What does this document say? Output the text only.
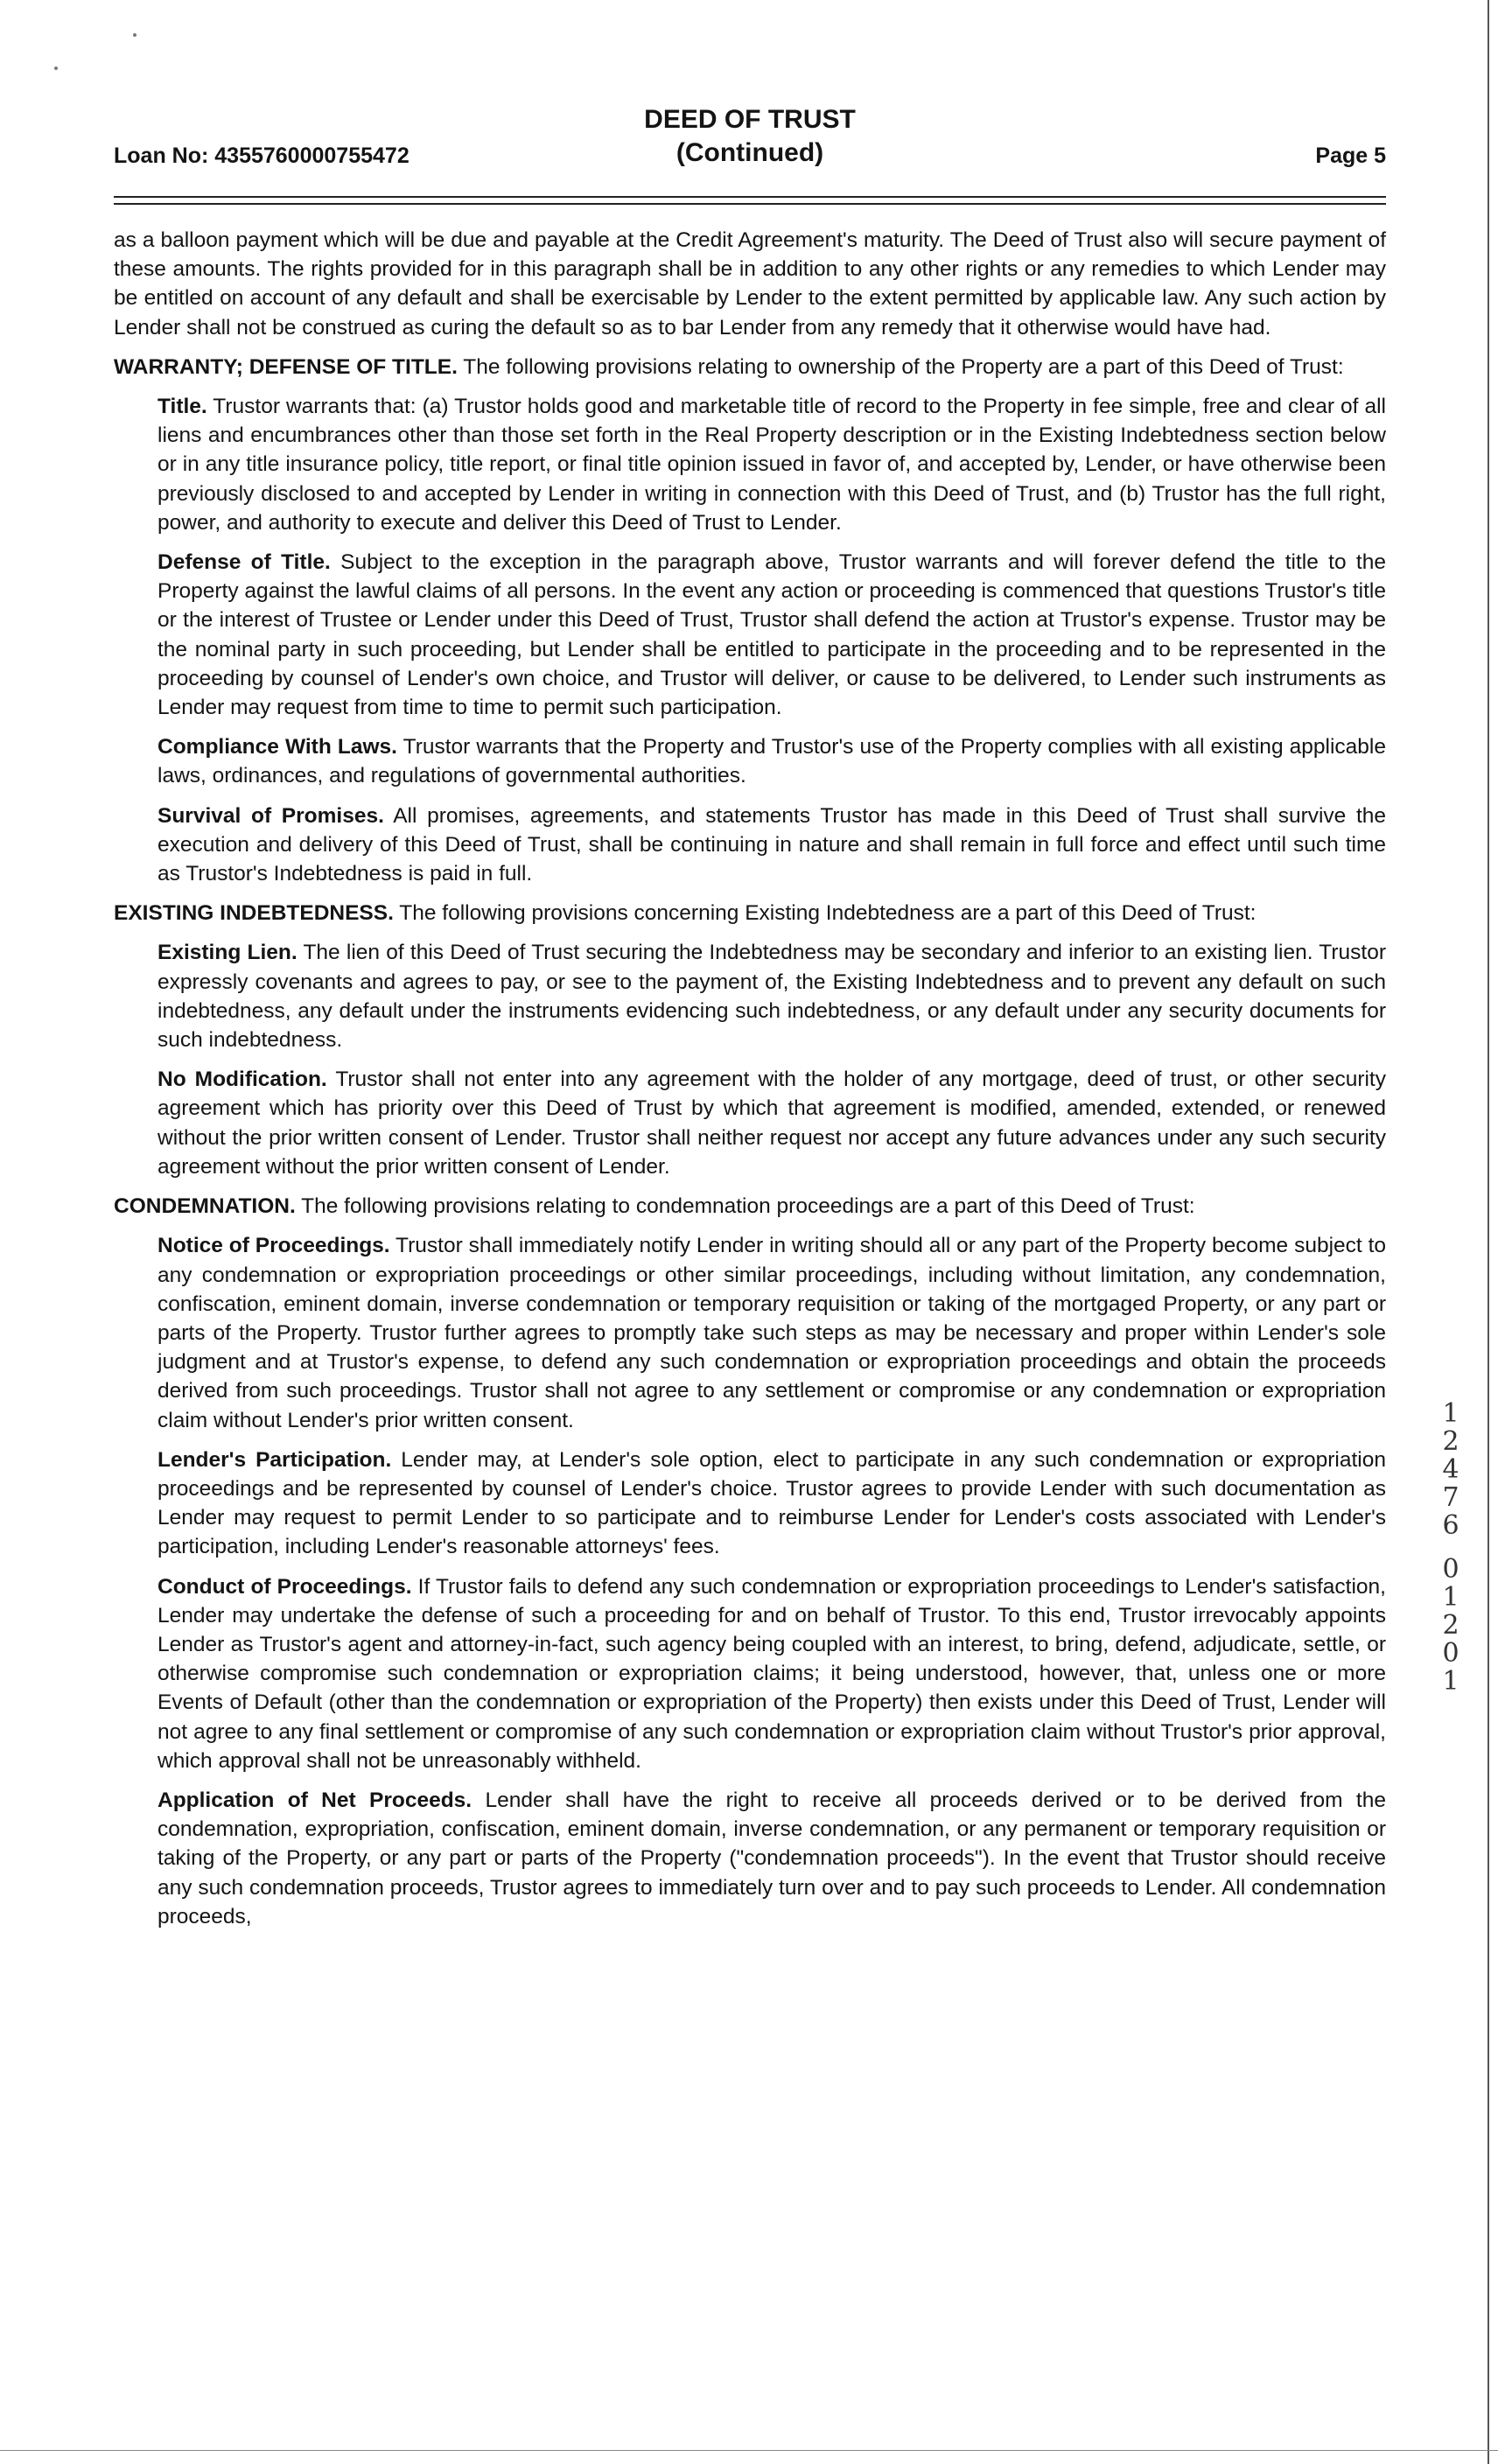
Loan No: 4355760000755472
DEED OF TRUST
(Continued)	Page 5

as a balloon payment which will be due and payable at the Credit Agreement's maturity. The Deed of Trust also will secure payment of these amounts. The rights provided for in this paragraph shall be in addition to any other rights or any remedies to which Lender may be entitled on account of any default and shall be exercisable by Lender to the extent permitted by applicable law. Any such action by Lender shall not be construed as curing the default so as to bar Lender from any remedy that it otherwise would have had.

WARRANTY; DEFENSE OF TITLE. The following provisions relating to ownership of the Property are a part of this Deed of Trust:

Title. Trustor warrants that: (a) Trustor holds good and marketable title of record to the Property in fee simple, free and clear of all liens and encumbrances other than those set forth in the Real Property description or in the Existing Indebtedness section below or in any title insurance policy, title report, or final title opinion issued in favor of, and accepted by, Lender, or have otherwise been previously disclosed to and accepted by Lender in writing in connection with this Deed of Trust, and (b) Trustor has the full right, power, and authority to execute and deliver this Deed of Trust to Lender.

Defense of Title. Subject to the exception in the paragraph above, Trustor warrants and will forever defend the title to the Property against the lawful claims of all persons. In the event any action or proceeding is commenced that questions Trustor's title or the interest of Trustee or Lender under this Deed of Trust, Trustor shall defend the action at Trustor's expense. Trustor may be the nominal party in such proceeding, but Lender shall be entitled to participate in the proceeding and to be represented in the proceeding by counsel of Lender's own choice, and Trustor will deliver, or cause to be delivered, to Lender such instruments as Lender may request from time to time to permit such participation.

Compliance With Laws. Trustor warrants that the Property and Trustor's use of the Property complies with all existing applicable laws, ordinances, and regulations of governmental authorities.

Survival of Promises. All promises, agreements, and statements Trustor has made in this Deed of Trust shall survive the execution and delivery of this Deed of Trust, shall be continuing in nature and shall remain in full force and effect until such time as Trustor's Indebtedness is paid in full.

EXISTING INDEBTEDNESS. The following provisions concerning Existing Indebtedness are a part of this Deed of Trust:

Existing Lien. The lien of this Deed of Trust securing the Indebtedness may be secondary and inferior to an existing lien. Trustor expressly covenants and agrees to pay, or see to the payment of, the Existing Indebtedness and to prevent any default on such indebtedness, any default under the instruments evidencing such indebtedness, or any default under any security documents for such indebtedness.

No Modification. Trustor shall not enter into any agreement with the holder of any mortgage, deed of trust, or other security agreement which has priority over this Deed of Trust by which that agreement is modified, amended, extended, or renewed without the prior written consent of Lender. Trustor shall neither request nor accept any future advances under any such security agreement without the prior written consent of Lender.

CONDEMNATION. The following provisions relating to condemnation proceedings are a part of this Deed of Trust:

Notice of Proceedings. Trustor shall immediately notify Lender in writing should all or any part of the Property become subject to any condemnation or expropriation proceedings or other similar proceedings, including without limitation, any condemnation, confiscation, eminent domain, inverse condemnation or temporary requisition or taking of the mortgaged Property, or any part or parts of the Property. Trustor further agrees to promptly take such steps as may be necessary and proper within Lender's sole judgment and at Trustor's expense, to defend any such condemnation or expropriation proceedings and obtain the proceeds derived from such proceedings. Trustor shall not agree to any settlement or compromise or any condemnation or expropriation claim without Lender's prior written consent.

Lender's Participation. Lender may, at Lender's sole option, elect to participate in any such condemnation or expropriation proceedings and be represented by counsel of Lender's choice. Trustor agrees to provide Lender with such documentation as Lender may request to permit Lender to so participate and to reimburse Lender for Lender's costs associated with Lender's participation, including Lender's reasonable attorneys' fees.

Conduct of Proceedings. If Trustor fails to defend any such condemnation or expropriation proceedings to Lender's satisfaction, Lender may undertake the defense of such a proceeding for and on behalf of Trustor. To this end, Trustor irrevocably appoints Lender as Trustor's agent and attorney-in-fact, such agency being coupled with an interest, to bring, defend, adjudicate, settle, or otherwise compromise such condemnation or expropriation claims; it being understood, however, that, unless one or more Events of Default (other than the condemnation or expropriation of the Property) then exists under this Deed of Trust, Lender will not agree to any final settlement or compromise of any such condemnation or expropriation claim without Trustor's prior approval, which approval shall not be unreasonably withheld.

Application of Net Proceeds. Lender shall have the right to receive all proceeds derived or to be derived from the condemnation, expropriation, confiscation, eminent domain, inverse condemnation, or any permanent or temporary requisition or taking of the Property, or any part or parts of the Property ("condemnation proceeds"). In the event that Trustor should receive any such condemnation proceeds, Trustor agrees to immediately turn over and to pay such proceeds to Lender. All condemnation proceeds,

1
2
4
7
6
0
1
2
0
1
